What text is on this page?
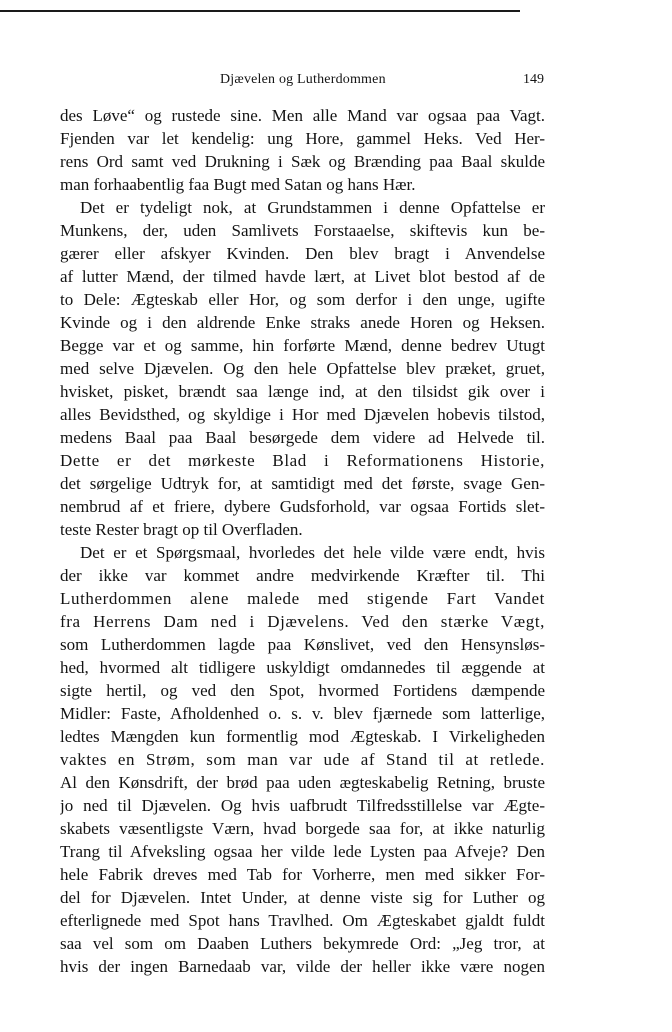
Djævelen og Lutherdommen	149
des Løve“ og rustede sine. Men alle Mand var ogsaa paa Vagt.
Fjenden var let kendelig: ung Hore, gammel Heks. Ved Her-
rens Ord samt ved Drukning i Sæk og Brænding paa Baal skulde
man forhaabentlig faa Bugt med Satan og hans Hær.
Det er tydeligt nok, at Grundstammen i denne Opfattelse er
Munkens, der, uden Samlivets Forstaaelse, skiftevis kun be-
gærer eller afskyer Kvinden. Den blev bragt i Anvendelse
af lutter Mænd, der tilmed havde lært, at Livet blot bestod af de
to Dele: Ægteskab eller Hor, og som derfor i den unge, ugifte
Kvinde og i den aldrende Enke straks anede Horen og Heksen.
Begge var et og samme, hin forførte Mænd, denne bedrev Utugt
med selve Djævelen. Og den hele Opfattelse blev præket, gruet,
hvisket, pisket, brændt saa længe ind, at den tilsidst gik over i
alles Bevidsthed, og skyldige i Hor med Djævelen hobevis tilstod,
medens Baal paa Baal besørgede dem videre ad Helvede til.
Dette er det mørkeste Blad i Reformationens Historie,
det sørgelige Udtryk for, at samtidigt med det første, svage Gen-
nembrud af et friere, dybere Gudsforhold, var ogsaa Fortids slet-
teste Rester bragt op til Overfladen.
Det er et Spørgsmaal, hvorledes det hele vilde være endt, hvis
der ikke var kommet andre medvirkende Kræfter til. Thi
Lutherdommen alene malede med stigende Fart Vandet
fra Herrens Dam ned i Djævelens. Ved den stærke Vægt,
som Lutherdommen lagde paa Kønslivet, ved den Hensynsløs-
hed, hvormed alt tidligere uskyldigt omdannedes til æggende at
sigte hertil, og ved den Spot, hvormed Fortidens dæmpende
Midler: Faste, Afholdenhed o. s. v. blev fjærnede som latterlige,
ledtes Mængden kun formentlig mod Ægteskab. I Virkeligheden
vaktes en Strøm, som man var ude af Stand til at retlede.
Al den Kønsdrift, der brød paa uden ægteskabelig Retning, bruste
jo ned til Djævelen. Og hvis uafbrudt Tilfredsstillelse var Ægte-
skabets væsentligste Værn, hvad borgede saa for, at ikke naturlig
Trang til Afveksling ogsaa her vilde lede Lysten paa Afveje? Den
hele Fabrik dreves med Tab for Vorherre, men med sikker For-
del for Djævelen. Intet Under, at denne viste sig for Luther og
efterlignede med Spot hans Travlhed. Om Ægteskabet gjaldt fuldt
saa vel som om Daaben Luthers bekymrede Ord: „Jeg tror, at
hvis der ingen Barnedaab var, vilde der heller ikke være nogen
